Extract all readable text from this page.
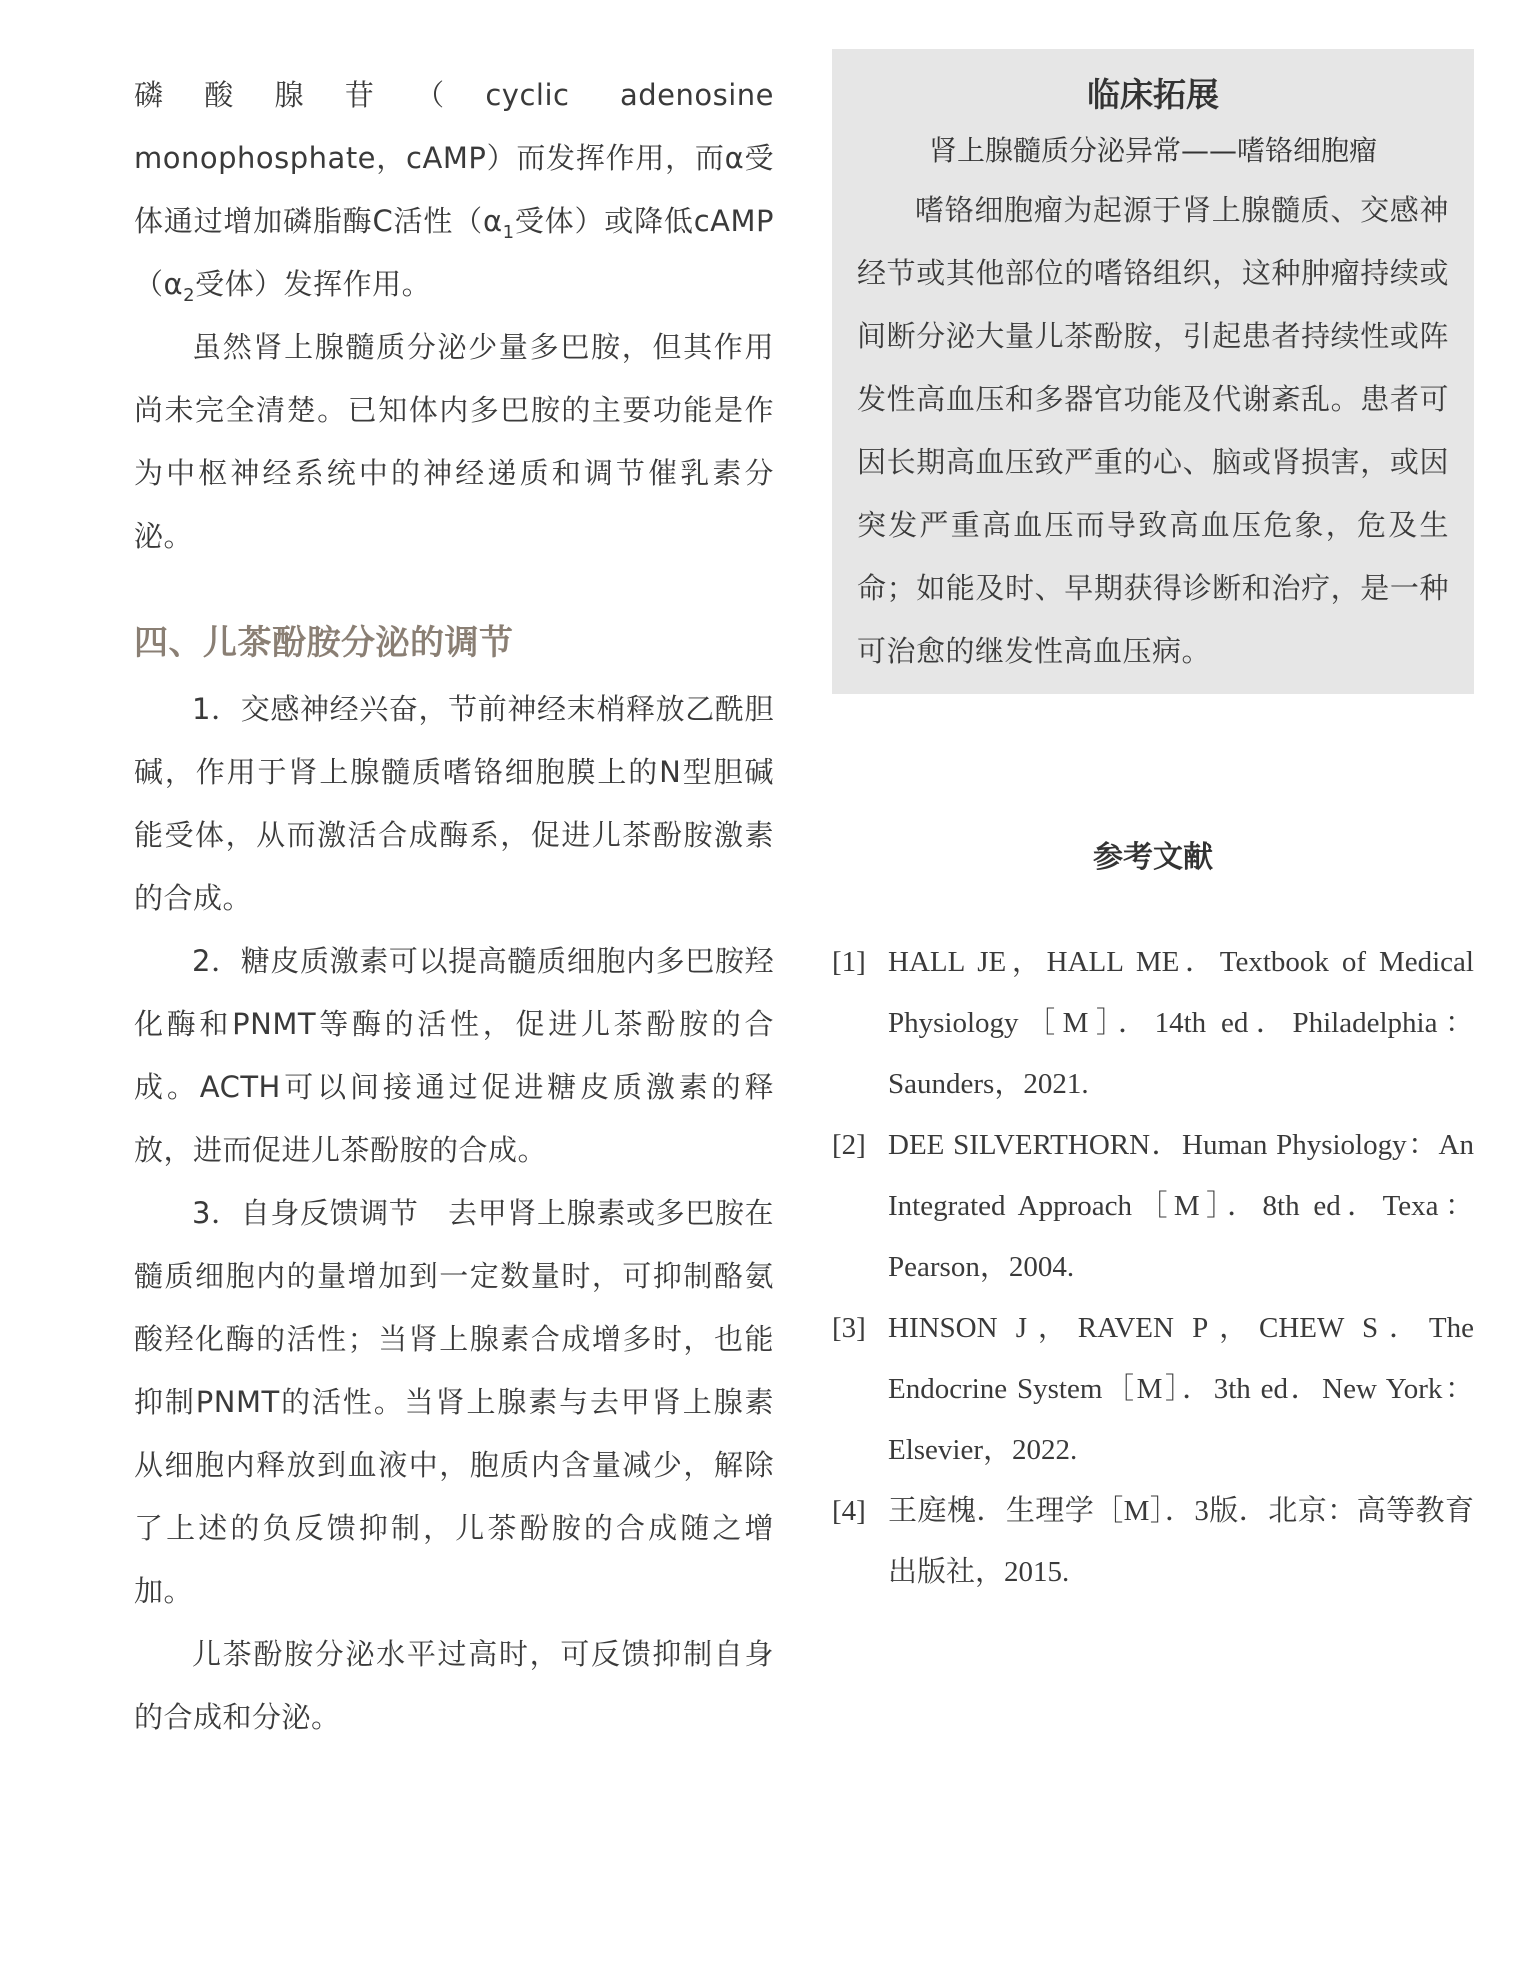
磷酸腺苷（cyclic adenosine monophosphate，cAMP）而发挥作用，而α受体通过增加磷脂酶C活性（$\alpha_1$受体）或降低$cAMP(\alpha_2$受体）发挥作用。

虽然肾上腺髓质分泌少量多巴胺，但其作用尚未完全清楚。已知体内多巴胺的主要功能是作为中枢神经系统中的神经递质和调节催乳素分泌。

四、儿茶酚胺分泌的调节

1．交感神经兴奋，节前神经末梢释放乙酰胆碱，作用于肾上腺髓质嗜铬细胞膜上的N型胆碱能受体，从而激活合成酶系，促进儿茶酚胺激素的合成。

2．糖皮质激素可以提高髓质细胞内多巴胺羟化酶和PNMT等酶的活性，促进儿茶酚胺的合成。ACTH可以间接通过促进糖皮质激素的释放，进而促进儿茶酚胺的合成。

3．自身反馈调节　去甲肾上腺素或多巴胺在髓质细胞内的量增加到一定数量时，可抑制酪氨酸羟化酶的活性；当肾上腺素合成增多时，也能抑制PNMT的活性。当肾上腺素与去甲肾上腺素从细胞内释放到血液中，胞质内含量减少，解除了上述的负反馈抑制，儿茶酚胺的合成随之增加。

儿茶酚胺分泌水平过高时，可反馈抑制自身的合成和分泌。

临床拓展

肾上腺髓质分泌异常——嗜铬细胞瘤

嗜铬细胞瘤为起源于肾上腺髓质、交感神经节或其他部位的嗜铬组织，这种肿瘤持续或间断分泌大量儿茶酚胺，引起患者持续性或阵发性高血压和多器官功能及代谢紊乱。患者可因长期高血压致严重的心、脑或肾损害，或因突发严重高血压而导致高血压危象，危及生命；如能及时、早期获得诊断和治疗，是一种可治愈的继发性高血压病。

参考文献

[1] HALL JE，HALL ME．Textbook of Medical Physiology［M］．14th ed．Philadelphia：Saunders，2021.

[2] DEE SILVERTHORN．Human Physiology：An Integrated Approach［M］．8th ed．Texa：Pearson，2004.

[3] HINSON J，RAVEN P，CHEW S．The Endocrine System［M］．3th ed．New York：Elsevier，2022.

[4] 王庭槐．生理学［M］．3版．北京：高等教育出版社，2015.
